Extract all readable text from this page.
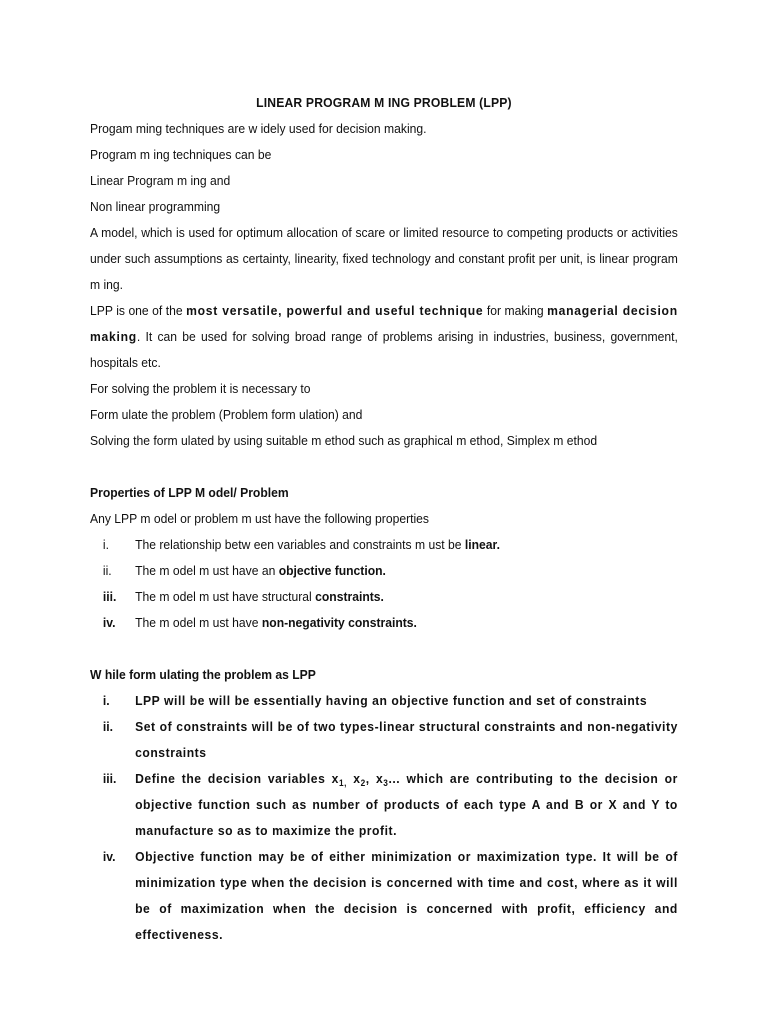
LINEAR PROGRAM M ING PROBLEM (LPP)

Progam ming techniques are w idely used for decision making.

Program m ing techniques can be

Linear Program m ing and

Non linear programming

A model, which is used for optimum allocation of scare or limited resource to competing products or activities under such assumptions as certainty, linearity, fixed technology and constant profit per unit, is linear program m ing.

LPP is one of the most versatile, powerful and useful technique for making managerial decision making. It can be used for solving broad range of problems arising in industries, business, government, hospitals etc.

For solving the problem it is necessary to

Form ulate the problem (Problem form ulation) and

Solving the form ulated by using suitable m ethod such as graphical m ethod, Simplex m ethod

Properties of LPP M odel/ Problem

Any LPP m odel or problem m ust have the following properties

i.	The relationship betw een variables and constraints m ust be linear.
ii.	The m odel m ust have an objective function.
iii.	The m odel m ust have structural constraints.
iv.	The m odel m ust have non-negativity constraints.

W hile form ulating the problem as LPP

i.	LPP will be will be essentially having an objective function and set of constraints
ii.	Set of constraints will be of two types-linear structural constraints and non-negativity constraints
iii.	Define the decision variables $x_{1,}$ $x_2$, $x_3$... which are contributing to the decision or objective function such as number of products of each type A and B or X and Y to manufacture so as to maximize the profit.
iv.	Objective function may be of either minimization or maximization type. It will be of minimization type when the decision is concerned with time and cost, where as it will be of maximization when the decision is concerned with profit, efficiency and effectiveness.
